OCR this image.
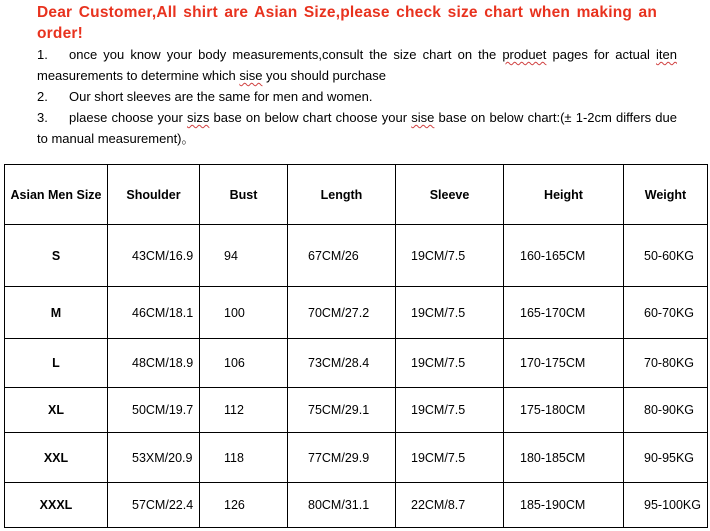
Dear Customer,All shirt are Asian Size,please check size chart when making an order!

1. once you know your body measurements,consult the size chart on the produet pages for actual iten measurements to determine which sise you should purchase

2. Our short sleeves are the same for men and women.

3. plaese choose your sizs base on below chart choose your sise base on below chart:(± 1-2cm differs due to manual measurement)。

Asian Men Size	Shoulder	Bust	Length	Sleeve	Height	Weight
S	43CM/16.9	94	67CM/26	19CM/7.5	160-165CM	50-60KG
M	46CM/18.1	100	70CM/27.2	19CM/7.5	165-170CM	60-70KG
L	48CM/18.9	106	73CM/28.4	19CM/7.5	170-175CM	70-80KG
XL	50CM/19.7	112	75CM/29.1	19CM/7.5	175-180CM	80-90KG
XXL	53XM/20.9	118	77CM/29.9	19CM/7.5	180-185CM	90-95KG
XXXL	57CM/22.4	126	80CM/31.1	22CM/8.7	185-190CM	95-100KG
